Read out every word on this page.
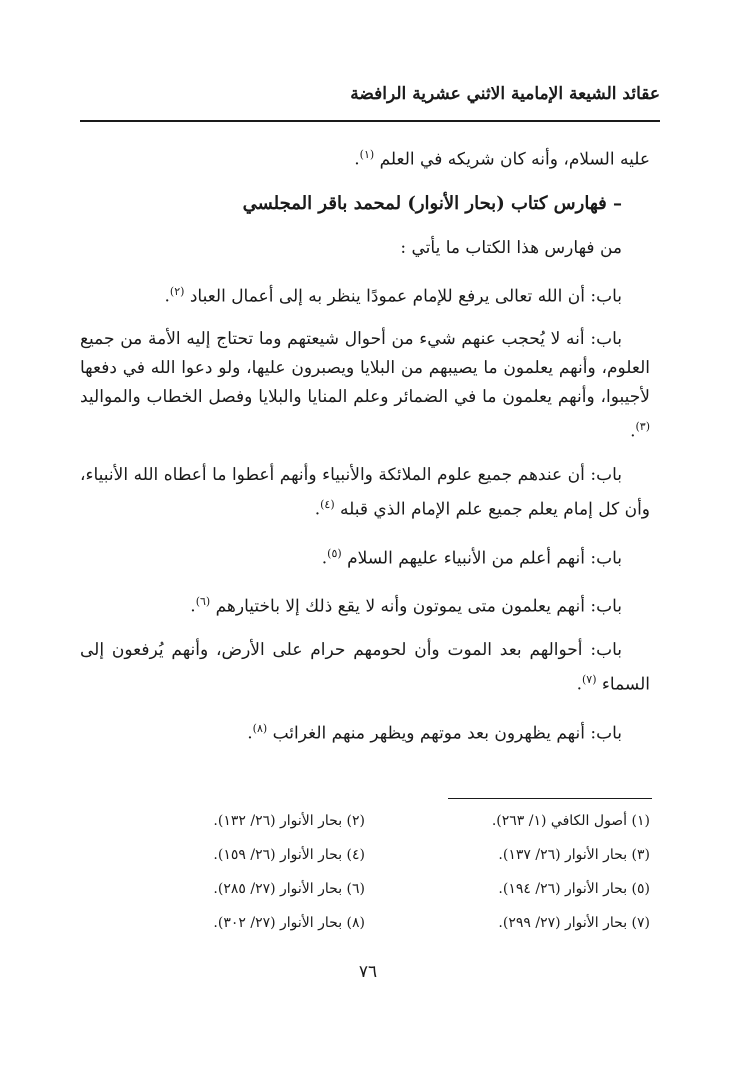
عقائد الشيعة الإمامية الاثني عشرية الرافضة

عليه السلام، وأنه كان شريكه في العلم $^{(١)}$.

– فهارس كتاب (بحار الأنوار) لمحمد باقر المجلسي

من فهارس هذا الكتاب ما يأتي :

باب: أن الله تعالى يرفع للإمام عمودًا ينظر به إلى أعمال العباد $^{(٢)}$.

باب: أنه لا يُحجب عنهم شيء من أحوال شيعتهم وما تحتاج إليه الأمة من جميع العلوم، وأنهم يعلمون ما يصيبهم من البلايا ويصبرون عليها، ولو دعوا الله في دفعها لأجيبوا، وأنهم يعلمون ما في الضمائر وعلم المنايا والبلايا وفصل الخطاب والمواليد $^{(٣)}$.

باب: أن عندهم جميع علوم الملائكة والأنبياء وأنهم أعطوا ما أعطاه الله الأنبياء، وأن كل إمام يعلم جميع علم الإمام الذي قبله $^{(٤)}$.

باب: أنهم أعلم من الأنبياء عليهم السلام $^{(٥)}$.

باب: أنهم يعلمون متى يموتون وأنه لا يقع ذلك إلا باختيارهم $^{(٦)}$.

باب: أحوالهم بعد الموت وأن لحومهم حرام على الأرض، وأنهم يُرفعون إلى السماء $^{(٧)}$.

باب: أنهم يظهرون بعد موتهم ويظهر منهم الغرائب $^{(٨)}$.

(١) أصول الكافي (١/ ٢٦٣).
(٢) بحار الأنوار (٢٦/ ١٣٢).
(٣) بحار الأنوار (٢٦/ ١٣٧).
(٤) بحار الأنوار (٢٦/ ١٥٩).
(٥) بحار الأنوار (٢٦/ ١٩٤).
(٦) بحار الأنوار (٢٧/ ٢٨٥).
(٧) بحار الأنوار (٢٧/ ٢٩٩).
(٨) بحار الأنوار (٢٧/ ٣٠٢).
٧٦
